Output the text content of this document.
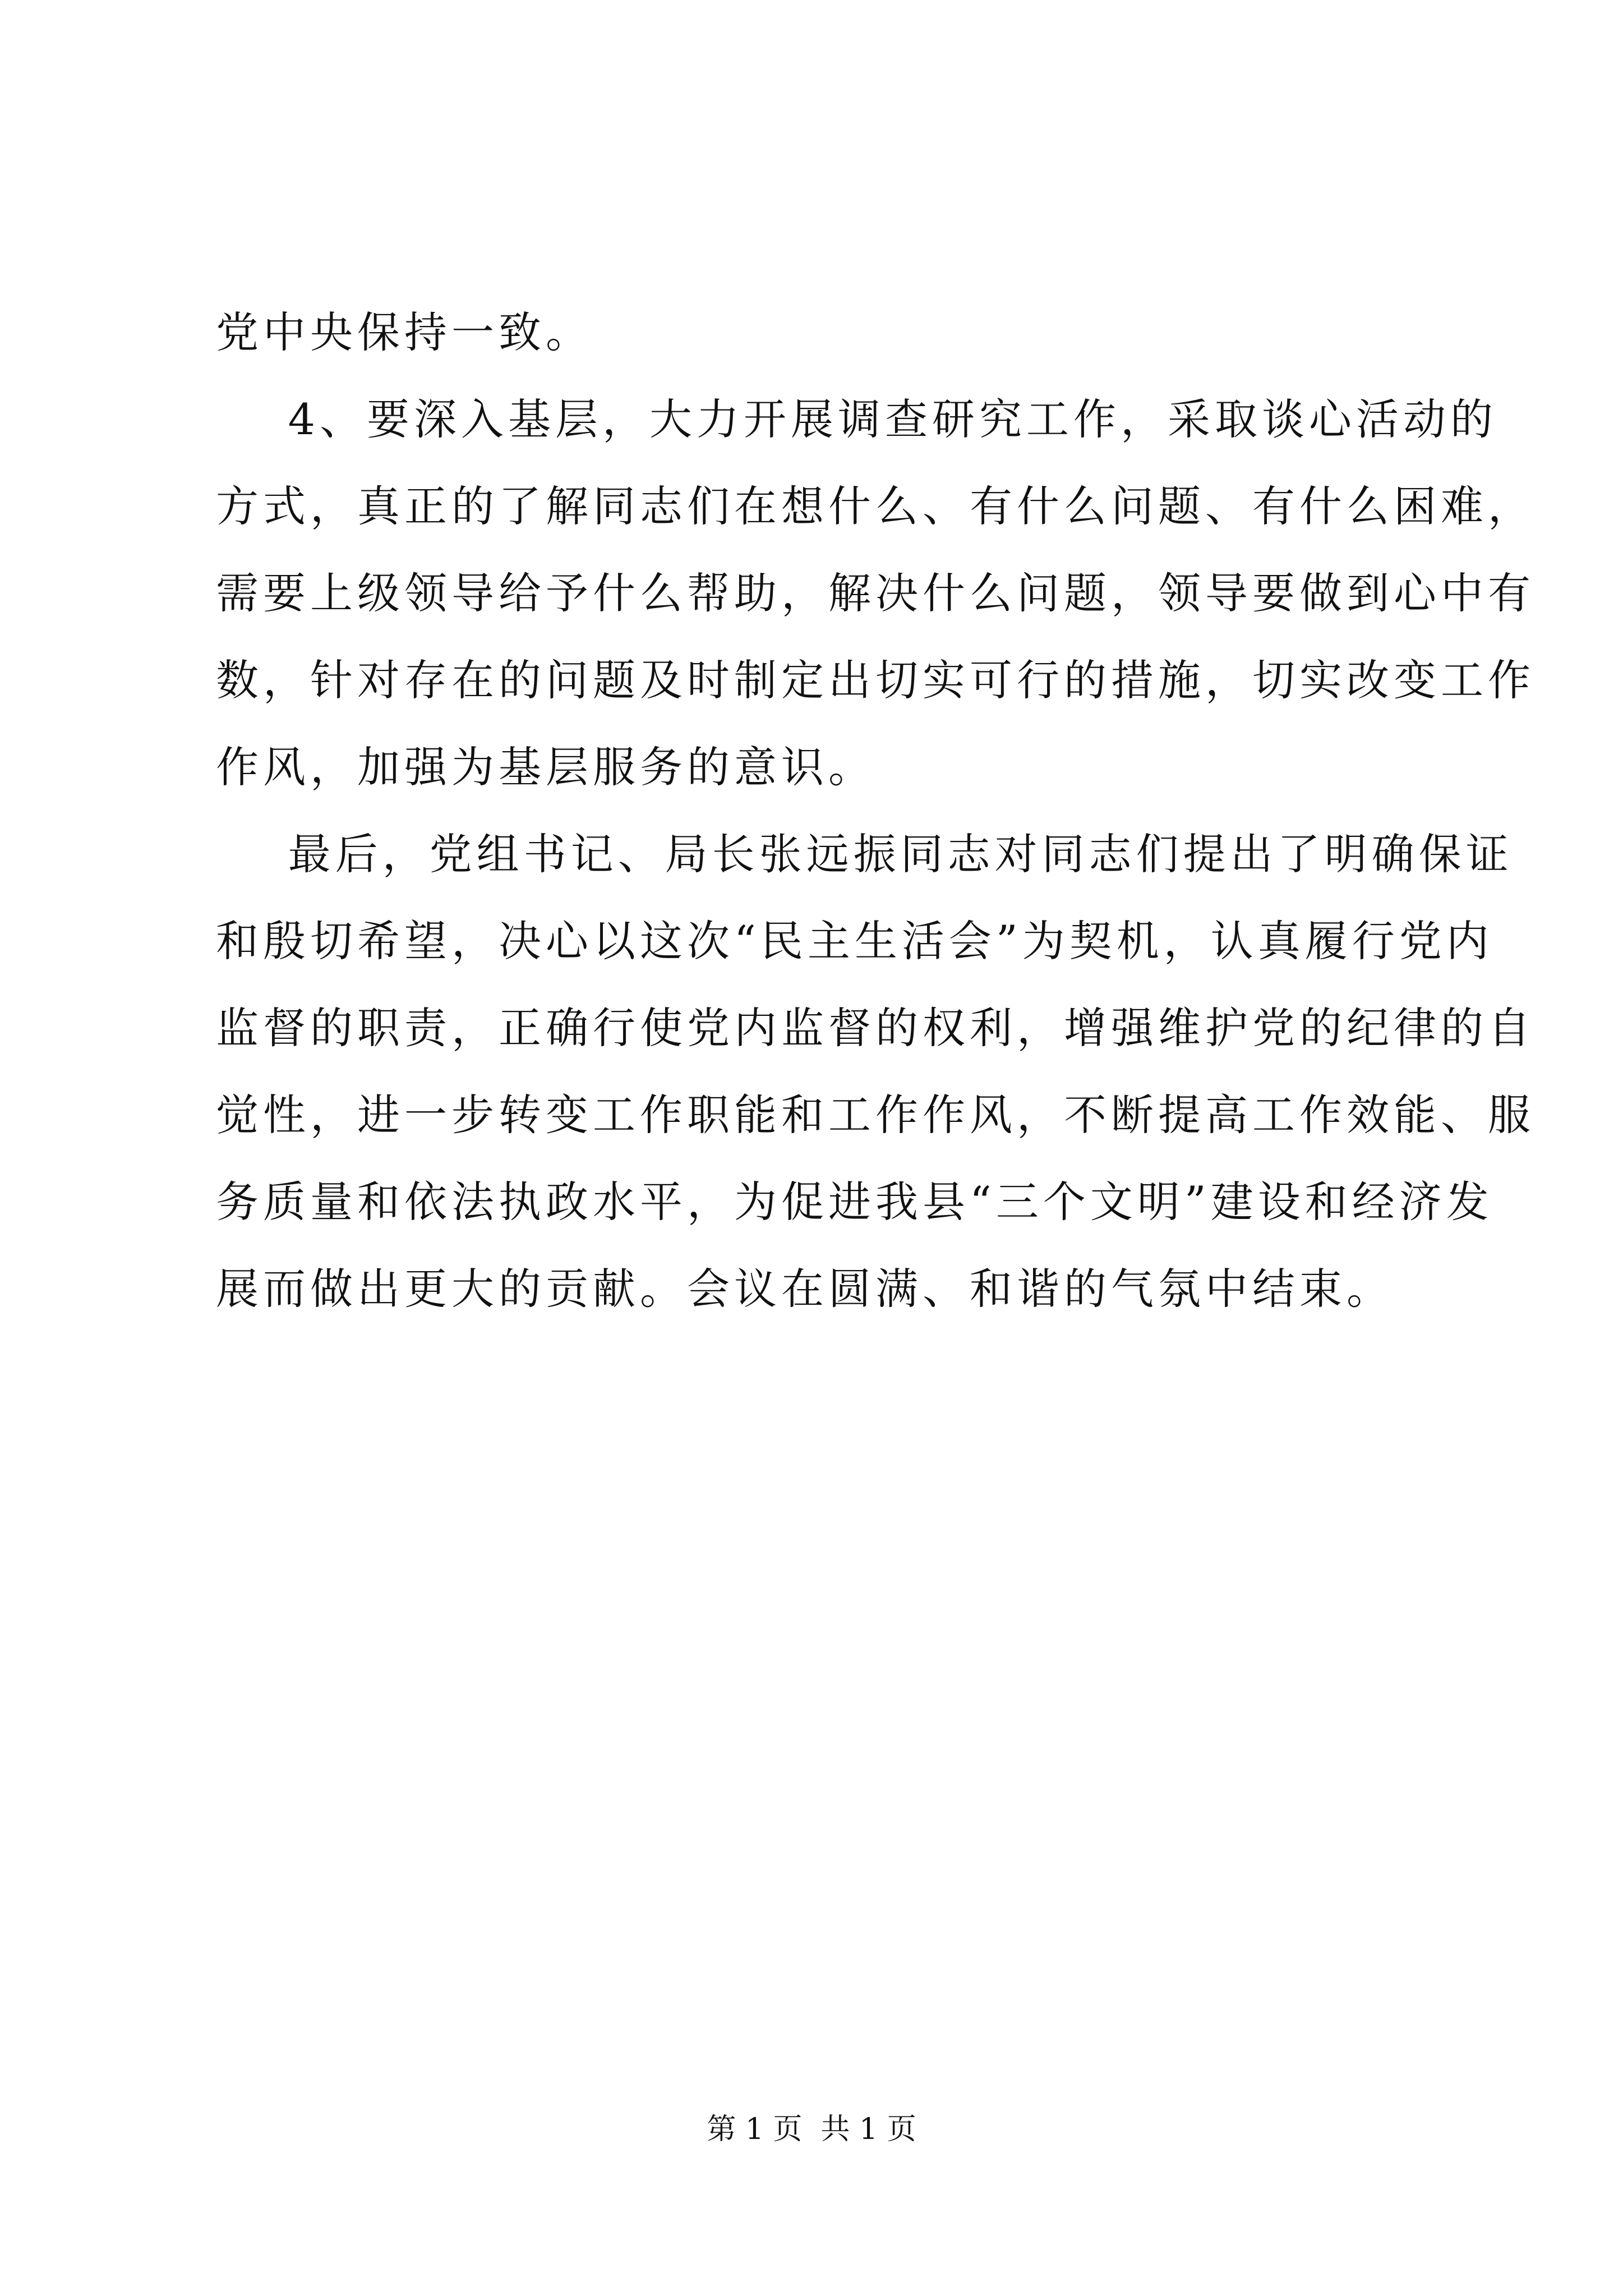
党中央保持一致。
4、要深入基层，大力开展调查研究工作，采取谈心活动的
方式，真正的了解同志们在想什么、有什么问题、有什么困难，
需要上级领导给予什么帮助，解决什么问题，领导要做到心中有
数，针对存在的问题及时制定出切实可行的措施，切实改变工作
作风，加强为基层服务的意识。
最后，党组书记、局长张远振同志对同志们提出了明确保证
和殷切希望，决心以这次“民主生活会”为契机，认真履行党内
监督的职责，正确行使党内监督的权利，增强维护党的纪律的自
觉性，进一步转变工作职能和工作作风，不断提高工作效能、服
务质量和依法执政水平，为促进我县“三个文明”建设和经济发
展而做出更大的贡献。会议在圆满、和谐的气氛中结束。
第 1 页  共 1 页
